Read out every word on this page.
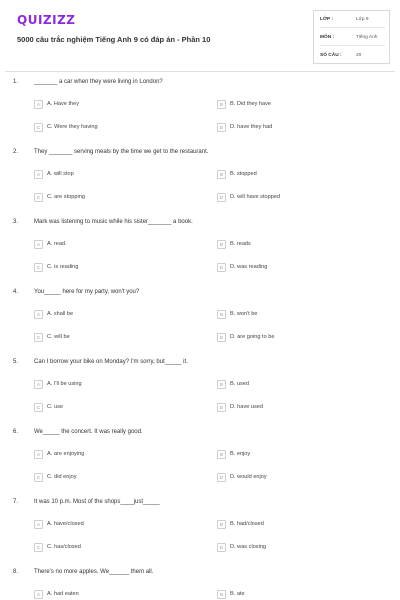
QUIZIZZ
5000 câu trắc nghiệm Tiếng Anh 9 có đáp án - Phần 10
LỚP :	Lớp 9
MÔN :	Tiếng Anh
SỐ CÂU :	20
1.	_______ a car when they were living in London?
A	A. Have they	B	B. Did they have
C	C. Were they having	D	D. have they had
2.	They _______ serving meals by the time we get to the restaurant.
A	A. will stop	B	B. stopped
C	C. are stopping	D	D. will have stopped
3.	Mark was listening to music while his sister_______ a book.
A	A. read.	B	B. reads
C	C. is reading	D	D. was reading
4.	You_____ here for my party, won't you?
A	A. shall be	B	B. won't be
C	C. will be	D	D. are going to be
5.	Can I borrow your bike on Monday? I'm sorry, but_____ it.
A	A. I'll be using	B	B. used
C	C. use	D	D. have used
6.	We_____ the concert. It was really good.
A	A. are enjoying	B	B. enjoy
C	C. did enjoy	D	D. would enjoy
7.	It was 10 p.m. Most of the shops____just_____
A	A. have/closed	B	B. had/closed
C	C. has/closed	D	D. was closing
8.	There's no more apples. We______ them all.
A	A. had eaten	B	B. ate
